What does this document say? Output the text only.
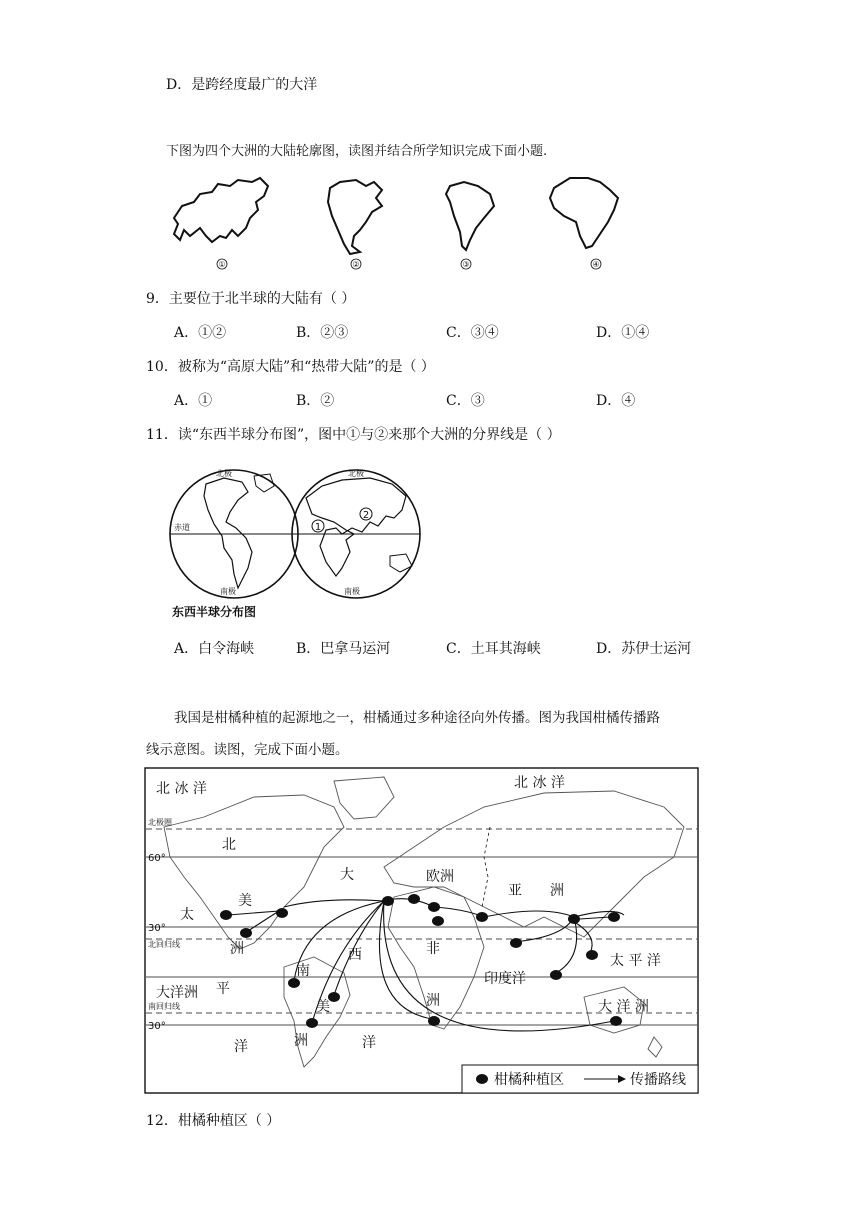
D．是跨经度最广的大洋
下图为四个大洲的大陆轮廓图，读图并结合所学知识完成下面小题.
①	②	③	④
9．主要位于北半球的大陆有（ ）
A．①②	B．②③	C．③④	D．①④
10．被称为“高原大陆”和“热带大陆”的是（ ）
A．①	B．②	C．③	D．④
11．读“东西半球分布图”，图中①与②来那个大洲的分界线是（ ）
北极	北极
南极	南极
赤道	1
2
东西半球分布图
A．白令海峡	B．巴拿马运河	C．土耳其海峡	D．苏伊士运河
我国是柑橘种植的起源地之一，柑橘通过多种途径向外传播。图为我国柑橘传播路
线示意图。读图，完成下面小题。
北 冰 洋	北 冰 洋
北
美
洲
太
平
大
西
洋
欧洲
亚 洲
非
洲
南
美
洲
大洋洲
印度洋
太 平 洋
大 洋 洲
洋
北极圈
60°
30°
北回归线
南回归线
30°
柑橘种植区	传播路线
12．柑橘种植区（ ）
